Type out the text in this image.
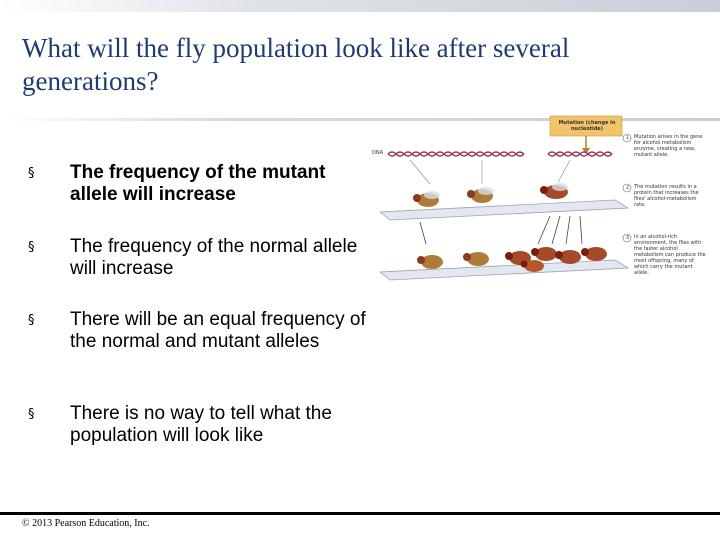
What will the fly population look like after several generations?
§ The frequency of the mutant allele will increase
§ The frequency of the normal allele will increase
§ There will be an equal frequency of the normal and mutant alleles
§ There is no way to tell what the population will look like
Mutation (change in nucleotide)
DNA
1 Mutation arises in the gene for alcohol metabolism enzyme, creating a new, mutant allele.
2 The mutation results in a protein that increases the flies' alcohol-metabolism rate.
3 In an alcohol-rich environment, the flies with the faster alcohol metabolism can produce the most offspring, many of which carry the mutant allele.
© 2013 Pearson Education, Inc.
